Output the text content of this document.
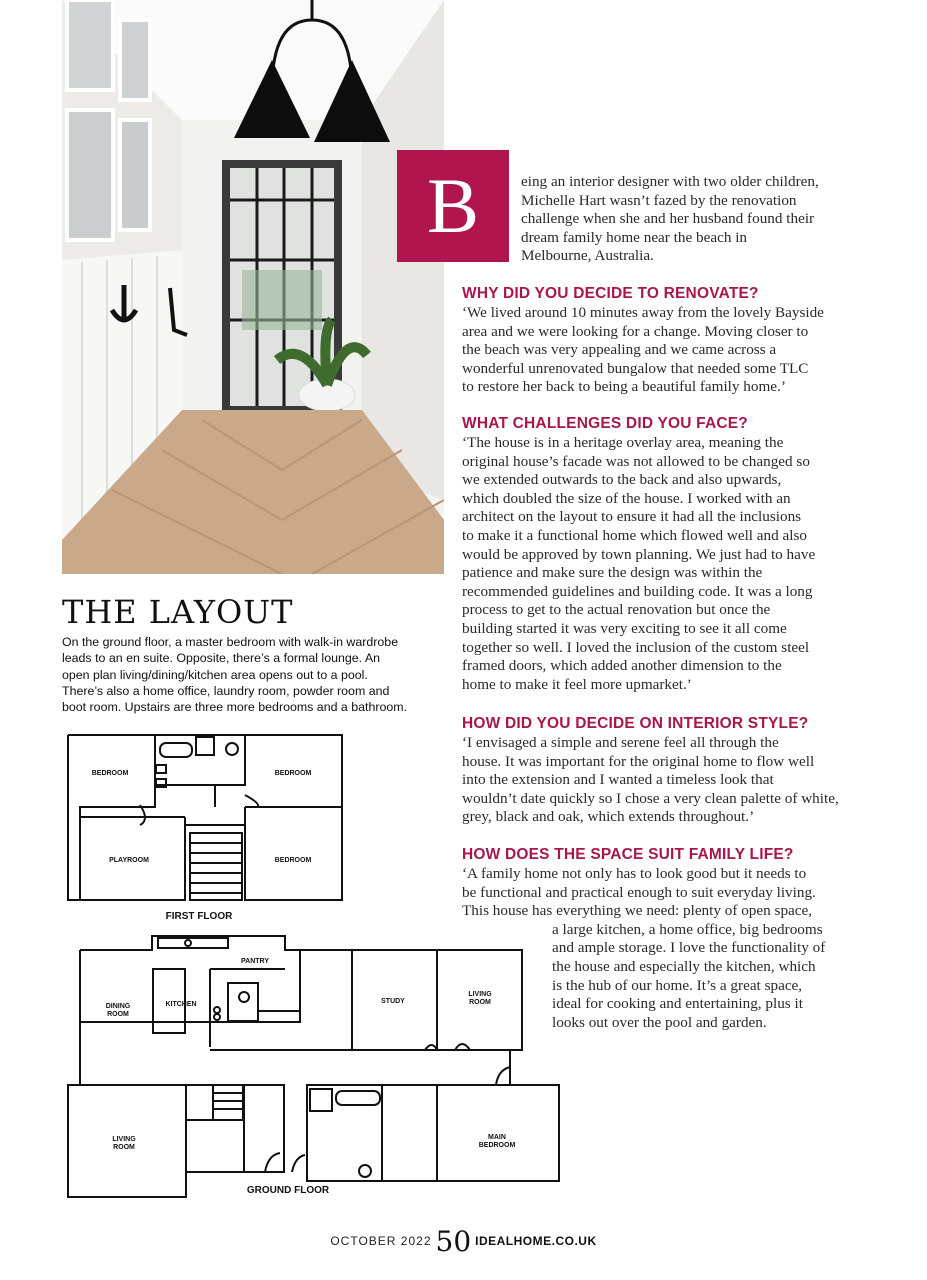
B	eing an interior designer with two older children,
Michelle Hart wasn’t fazed by the renovation
challenge when she and her husband found their
dream family home near the beach in
Melbourne, Australia.
WHY DID YOU DECIDE TO RENOVATE?
‘We lived around 10 minutes away from the lovely Bayside
area and we were looking for a change. Moving closer to
the beach was very appealing and we came across a
wonderful unrenovated bungalow that needed some TLC
to restore her back to being a beautiful family home.’
WHAT CHALLENGES DID YOU FACE?
‘The house is in a heritage overlay area, meaning the
original house’s facade was not allowed to be changed so
we extended outwards to the back and also upwards,
which doubled the size of the house. I worked with an
architect on the layout to ensure it had all the inclusions
to make it a functional home which flowed well and also
would be approved by town planning. We just had to have
patience and make sure the design was within the
recommended guidelines and building code. It was a long
process to get to the actual renovation but once the
building started it was very exciting to see it all come
together so well. I loved the inclusion of the custom steel
framed doors, which added another dimension to the
home to make it feel more upmarket.’
HOW DID YOU DECIDE ON INTERIOR STYLE?
‘I envisaged a simple and serene feel all through the
house. It was important for the original home to flow well
into the extension and I wanted a timeless look that
wouldn’t date quickly so I chose a very clean palette of white,
grey, black and oak, which extends throughout.’
HOW DOES THE SPACE SUIT FAMILY LIFE?
‘A family home not only has to look good but it needs to
be functional and practical enough to suit everyday living.
This house has everything we need: plenty of open space,
a large kitchen, a home office, big bedrooms
and ample storage. I love the functionality of
the house and especially the kitchen, which
is the hub of our home. It’s a great space,
ideal for cooking and entertaining, plus it
looks out over the pool and garden.
THE LAYOUT
On the ground floor, a master bedroom with walk-in wardrobe
leads to an en suite. Opposite, there’s a formal lounge. An
open plan living/dining/kitchen area opens out to a pool.
There’s also a home office, laundry room, powder room and
boot room. Upstairs are three more bedrooms and a bathroom.
BEDROOM	BEDROOM
PLAYROOM	BEDROOM
FIRST FLOOR
PANTRY
DINING
ROOM
KITCHEN	STUDY
LIVING
ROOM
LIVING
ROOM
MAIN
BEDROOM
GROUND FLOOR
OCTOBER 2022 50 IDEALHOME.CO.UK
